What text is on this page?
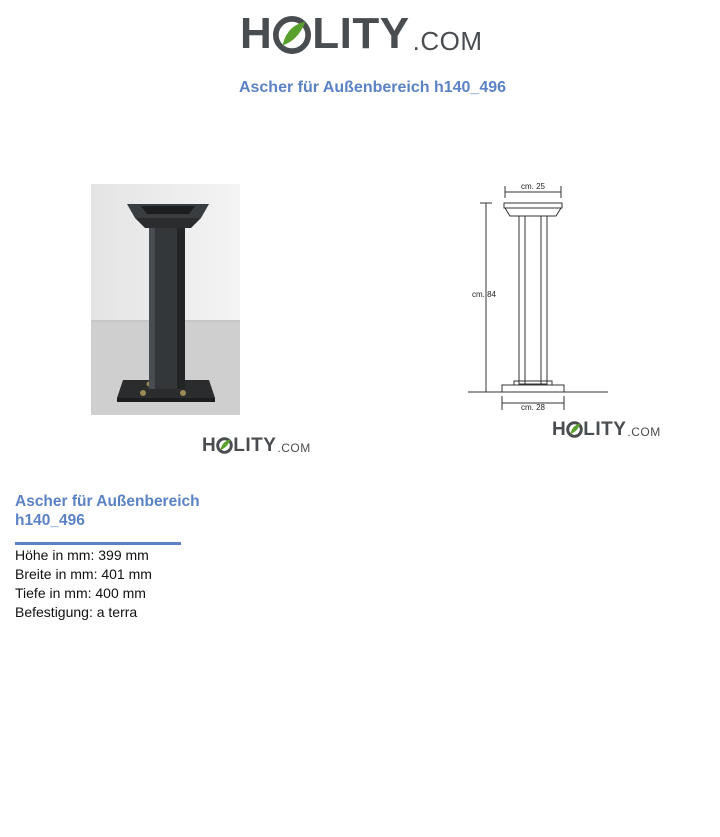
H LITY .COM
Ascher für Außenbereich h140_496
H LITY .COM
cm. 25
cm. 84
cm. 28
H LITY .COM
Ascher für Außenbereich
h140_496
Höhe in mm: 399 mm
Breite in mm: 401 mm
Tiefe in mm: 400 mm
Befestigung: a terra
